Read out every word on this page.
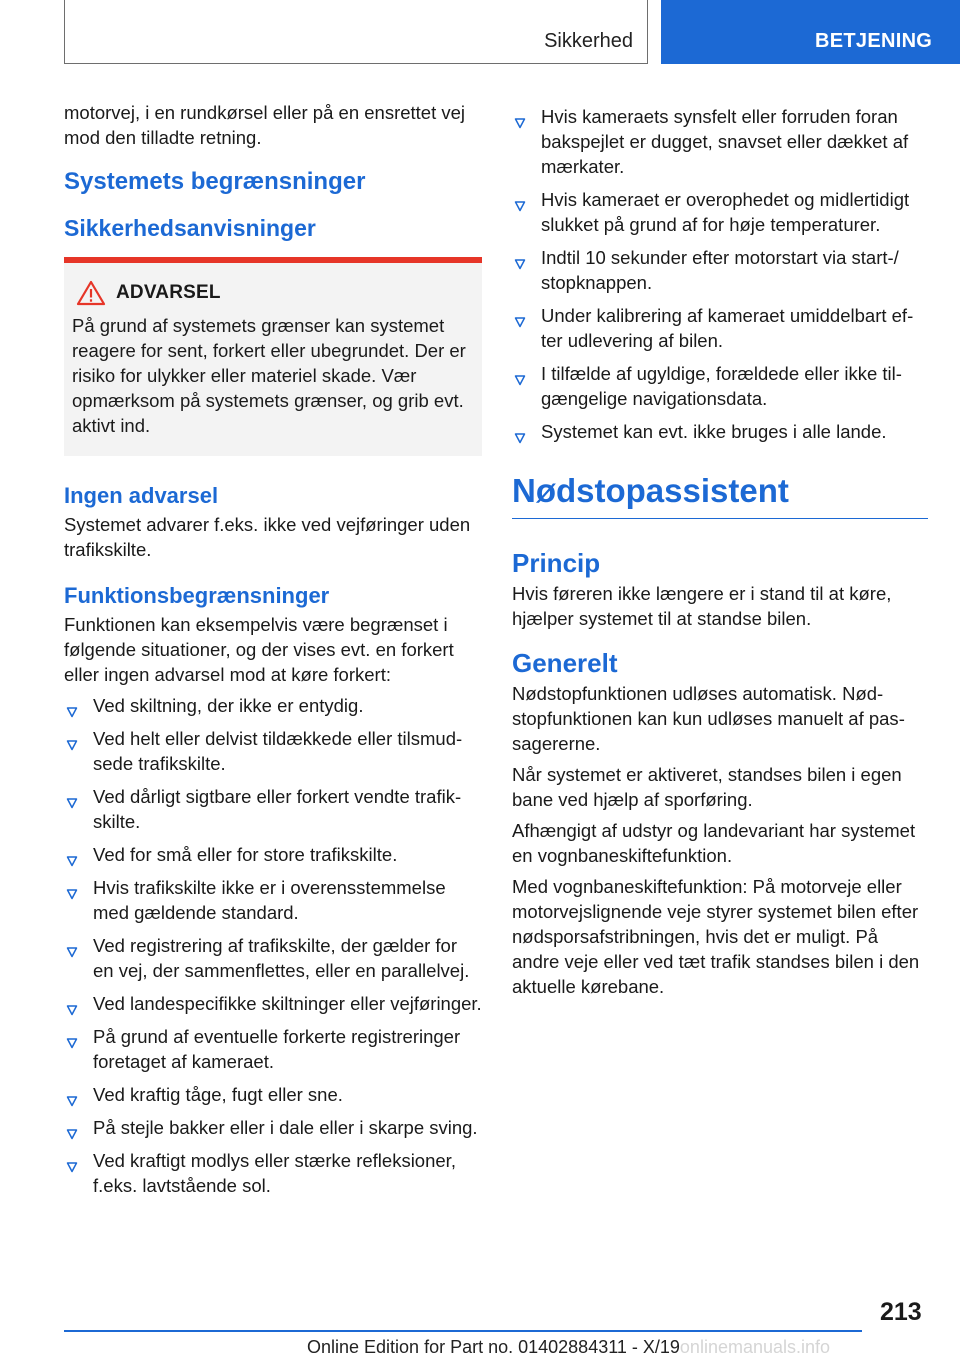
Sikkerhed	BETJENING

motorvej, i en rundkørsel eller på en ensrettet vej mod den tilladte retning.

Systemets begrænsninger
Sikkerhedsanvisninger
ADVARSEL

På grund af systemets grænser kan systemet reagere for sent, forkert eller ubegrundet. Der er risiko for ulykker eller materiel skade. Vær opmærksom på systemets grænser, og grib evt. aktivt ind.

Ingen advarsel

Systemet advarer f.eks. ikke ved vejføringer uden trafikskilte.

Funktionsbegrænsninger

Funktionen kan eksempelvis være begrænset i følgende situationer, og der vises evt. en forkert eller ingen advarsel mod at køre forkert:

Ved skiltning, der ikke er entydig.
Ved helt eller delvist tildækkede eller tilsmudsede trafikskilte.
Ved dårligt sigtbare eller forkert vendte trafikskilte.
Ved for små eller for store trafikskilte.
Hvis trafikskilte ikke er i overensstemmelse med gældende standard.
Ved registrering af trafikskilte, der gælder for en vej, der sammenflettes, eller en parallelvej.
Ved landespecifikke skiltninger eller vejføringer.
På grund af eventuelle forkerte registreringer foretaget af kameraet.
Ved kraftig tåge, fugt eller sne.
På stejle bakker eller i dale eller i skarpe sving.
Ved kraftigt modlys eller stærke refleksioner, f.eks. lavtstående sol.
Hvis kameraets synsfelt eller forruden foran bakspejlet er dugget, snavset eller dækket af mærkater.
Hvis kameraet er overophedet og midlertidigt slukket på grund af for høje temperaturer.
Indtil 10 sekunder efter motorstart via start-/ stopknappen.
Under kalibrering af kameraet umiddelbart efter udlevering af bilen.
I tilfælde af ugyldige, forældede eller ikke tilgængelige navigationsdata.
Systemet kan evt. ikke bruges i alle lande.
Nødstopassistent
Princip

Hvis føreren ikke længere er i stand til at køre, hjælper systemet til at standse bilen.

Generelt

Nødstopfunktionen udløses automatisk. Nødstopfunktionen kan kun udløses manuelt af passagererne.

Når systemet er aktiveret, standses bilen i egen bane ved hjælp af sporføring.

Afhængigt af udstyr og landevariant har systemet en vognbaneskiftefunktion.

Med vognbaneskiftefunktion: På motorveje eller motorvejslignende veje styrer systemet bilen efter nødsporsafstribningen, hvis det er muligt. På andre veje eller ved tæt trafik standses bilen i den aktuelle kørebane.

213
Online Edition for Part no. 01402884311 - X/19onlinemanuals.info
